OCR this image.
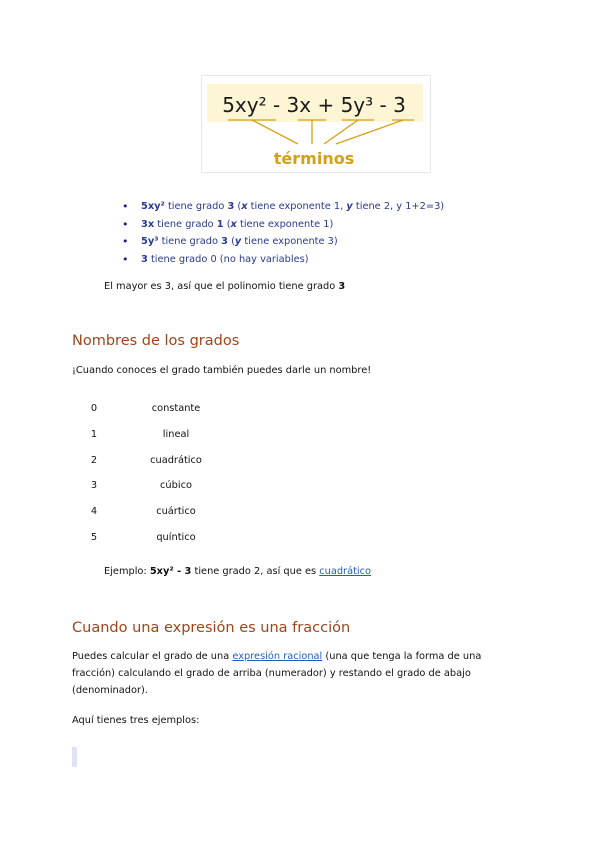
5xy² - 3x + 5y³ - 3
términos
• 5xy² tiene grado 3 (x tiene exponente 1, y tiene 2, y 1+2=3)
• 3x tiene grado 1 (x tiene exponente 1)
• 5y³ tiene grado 3 (y tiene exponente 3)
• 3 tiene grado 0 (no hay variables)
El mayor es 3, así que el polinomio tiene grado 3
Nombres de los grados
¡Cuando conoces el grado también puedes darle un nombre!
0	constante
1	lineal
2	cuadrático
3	cúbico
4	cuártico
5	quíntico
Ejemplo: 5xy² - 3 tiene grado 2, así que es cuadrático
Cuando una expresión es una fracción
Puedes calcular el grado de una expresión racional (una que tenga la forma de una
fracción) calculando el grado de arriba (numerador) y restando el grado de abajo
(denominador).
Aquí tienes tres ejemplos:
